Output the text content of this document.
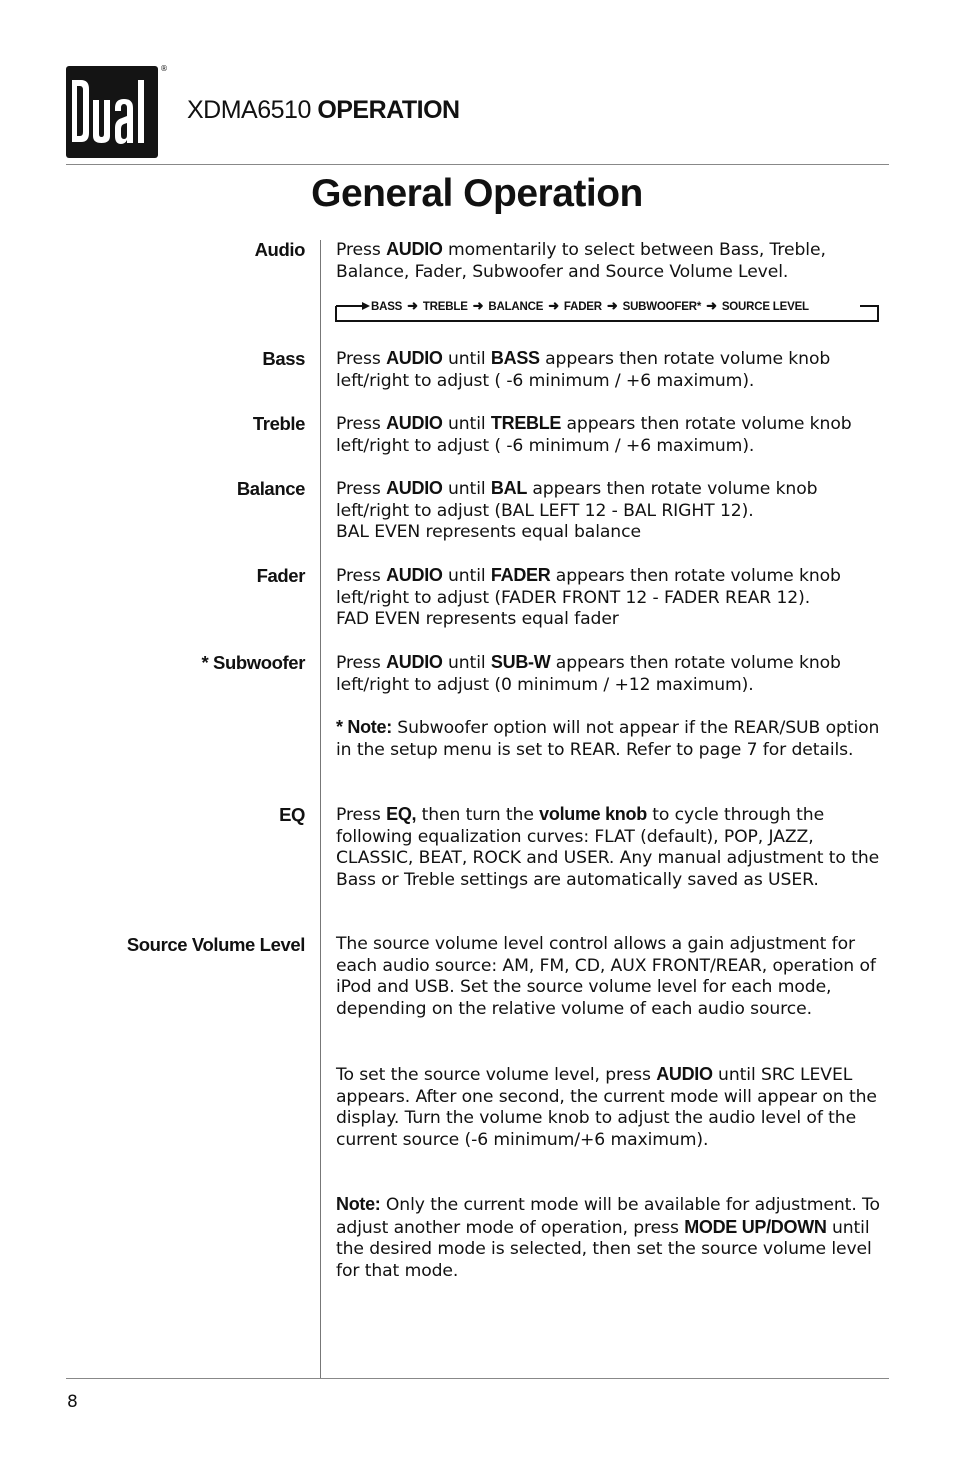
®
XDMA6510 OPERATION
General Operation
Audio Press AUDIO momentarily to select between Bass, Treble, Balance, Fader, Subwoofer and Source Volume Level.
BASS ➜ TREBLE ➜ BALANCE ➜ FADER ➜ SUBWOOFER* ➜ SOURCE LEVEL
Bass Press AUDIO until BASS appears then rotate volume knob left/right to adjust ( -6 minimum / +6 maximum).
Treble Press AUDIO until TREBLE appears then rotate volume knob left/right to adjust ( -6 minimum / +6 maximum).
Balance Press AUDIO until BAL appears then rotate volume knob left/right to adjust (BAL LEFT 12 - BAL RIGHT 12).
BAL EVEN represents equal balance
Fader Press AUDIO until FADER appears then rotate volume knob left/right to adjust (FADER FRONT 12 - FADER REAR 12).
FAD EVEN represents equal fader
* Subwoofer Press AUDIO until SUB-W appears then rotate volume knob left/right to adjust (0 minimum / +12 maximum).
* Note: Subwoofer option will not appear if the REAR/SUB option in the setup menu is set to REAR. Refer to page 7 for details.
EQ Press EQ, then turn the volume knob to cycle through the following equalization curves: FLAT (default), POP, JAZZ, CLASSIC, BEAT, ROCK and USER. Any manual adjustment to the Bass or Treble settings are automatically saved as USER.
Source Volume Level The source volume level control allows a gain adjustment for each audio source: AM, FM, CD, AUX FRONT/REAR, operation of iPod and USB. Set the source volume level for each mode, depending on the relative volume of each audio source.
To set the source volume level, press AUDIO until SRC LEVEL appears. After one second, the current mode will appear on the display. Turn the volume knob to adjust the audio level of the current source (-6 minimum/+6 maximum).
Note: Only the current mode will be available for adjustment. To adjust another mode of operation, press MODE UP/DOWN until the desired mode is selected, then set the source volume level for that mode.
8
